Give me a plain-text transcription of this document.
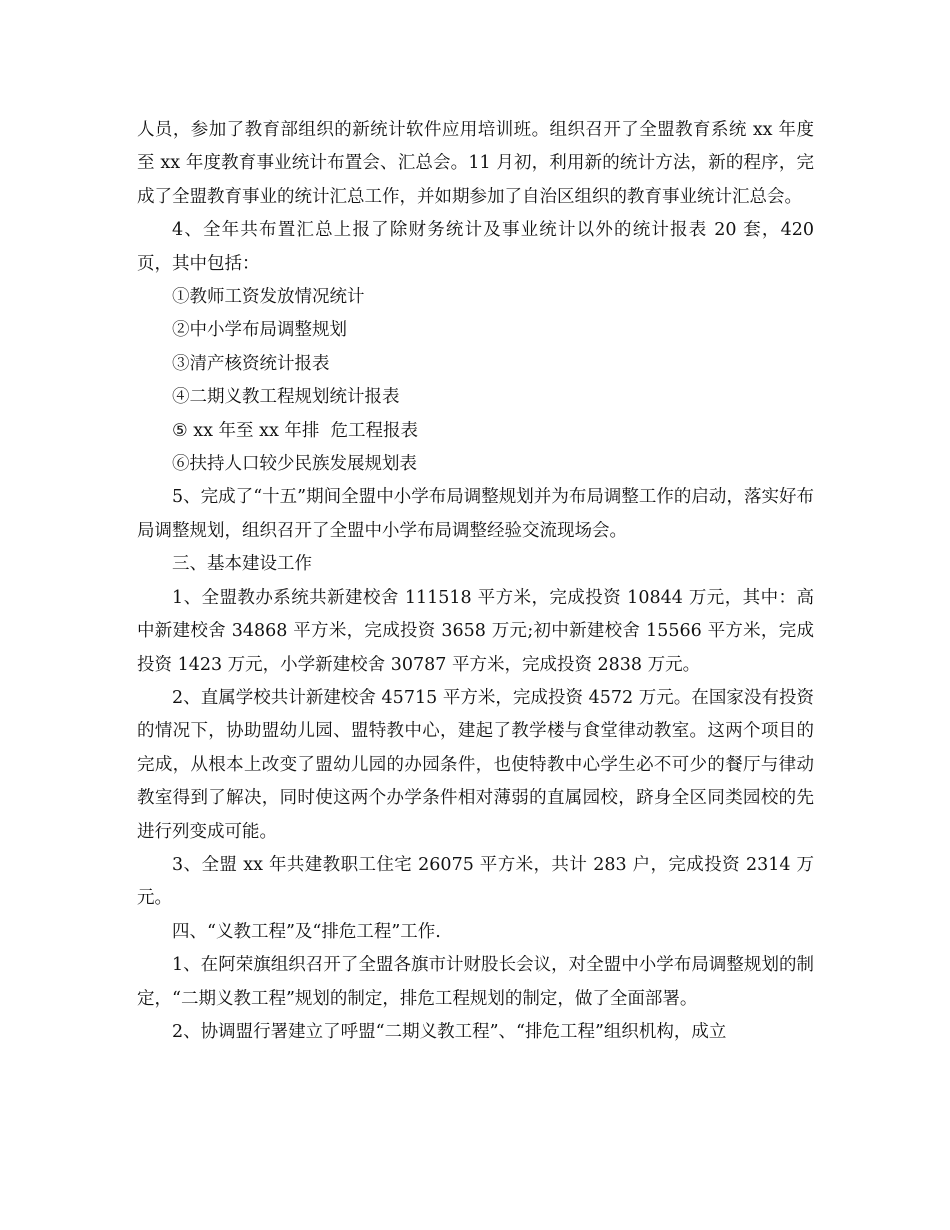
人员，参加了教育部组织的新统计软件应用培训班。组织召开了全盟教育系统 xx 年度至 xx 年度教育事业统计布置会、汇总会。11 月初，利用新的统计方法，新的程序，完成了全盟教育事业的统计汇总工作，并如期参加了自治区组织的教育事业统计汇总会。

4、全年共布置汇总上报了除财务统计及事业统计以外的统计报表 20 套，420 页，其中包括：

①教师工资发放情况统计

②中小学布局调整规划

③清产核资统计报表

④二期义教工程规划统计报表

⑤ xx 年至 xx 年排  危工程报表

⑥扶持人口较少民族发展规划表

5、完成了“十五”期间全盟中小学布局调整规划并为布局调整工作的启动，落实好布局调整规划，组织召开了全盟中小学布局调整经验交流现场会。

三、基本建设工作

1、全盟教办系统共新建校舍 111518 平方米，完成投资 10844 万元，其中：高中新建校舍 34868 平方米，完成投资 3658 万元;初中新建校舍 15566 平方米，完成投资 1423 万元，小学新建校舍 30787 平方米，完成投资 2838 万元。

2、直属学校共计新建校舍 45715 平方米，完成投资 4572 万元。在国家没有投资的情况下，协助盟幼儿园、盟特教中心，建起了教学楼与食堂律动教室。这两个项目的完成，从根本上改变了盟幼儿园的办园条件，也使特教中心学生必不可少的餐厅与律动教室得到了解决，同时使这两个办学条件相对薄弱的直属园校，跻身全区同类园校的先进行列变成可能。

3、全盟 xx 年共建教职工住宅 26075 平方米，共计 283 户，完成投资 2314 万元。

四、“义教工程”及“排危工程”工作.

1、在阿荣旗组织召开了全盟各旗市计财股长会议，对全盟中小学布局调整规划的制定，“二期义教工程”规划的制定，排危工程规划的制定，做了全面部署。

2、协调盟行署建立了呼盟“二期义教工程”、“排危工程”组织机构，成立
